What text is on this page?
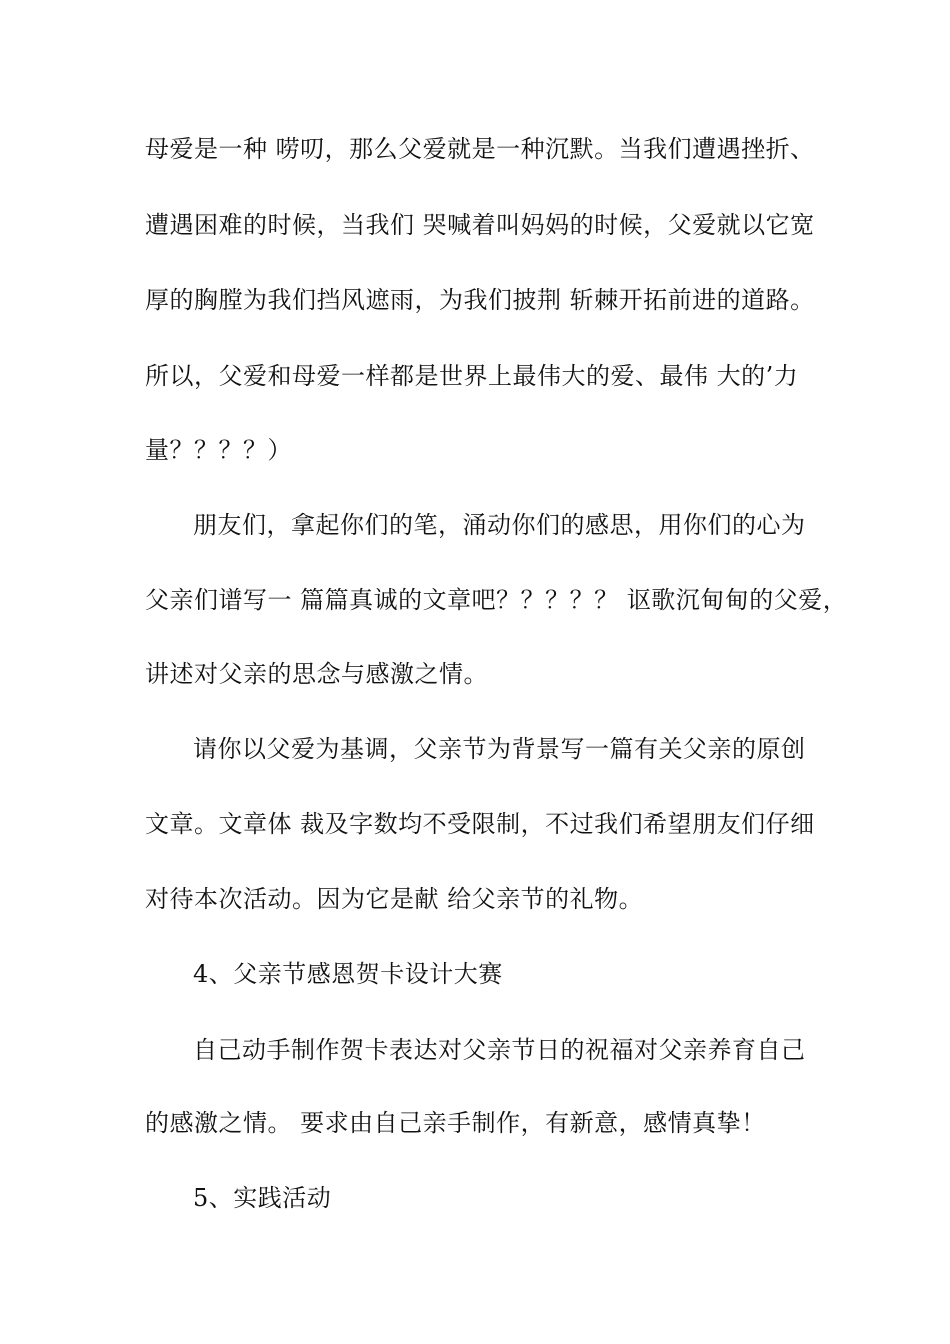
母爱是一种 唠叨，那么父爱就是一种沉默。当我们遭遇挫折、
遭遇困难的时候，当我们 哭喊着叫妈妈的时候，父爱就以它宽
厚的胸膛为我们挡风遮雨，为我们披荆 斩棘开拓前进的道路。
所以，父爱和母爱一样都是世界上最伟大的爱、最伟 大的’力
量？？？？）
朋友们，拿起你们的笔，涌动你们的感思，用你们的心为
父亲们谱写一 篇篇真诚的文章吧？？？？？ 讴歌沉甸甸的父爱，
讲述对父亲的思念与感激之情。
请你以父爱为基调，父亲节为背景写一篇有关父亲的原创
文章。文章体 裁及字数均不受限制，不过我们希望朋友们仔细
对待本次活动。因为它是献 给父亲节的礼物。
4、父亲节感恩贺卡设计大赛
自己动手制作贺卡表达对父亲节日的祝福对父亲养育自己
的感激之情。 要求由自己亲手制作，有新意，感情真挚！
5、实践活动
